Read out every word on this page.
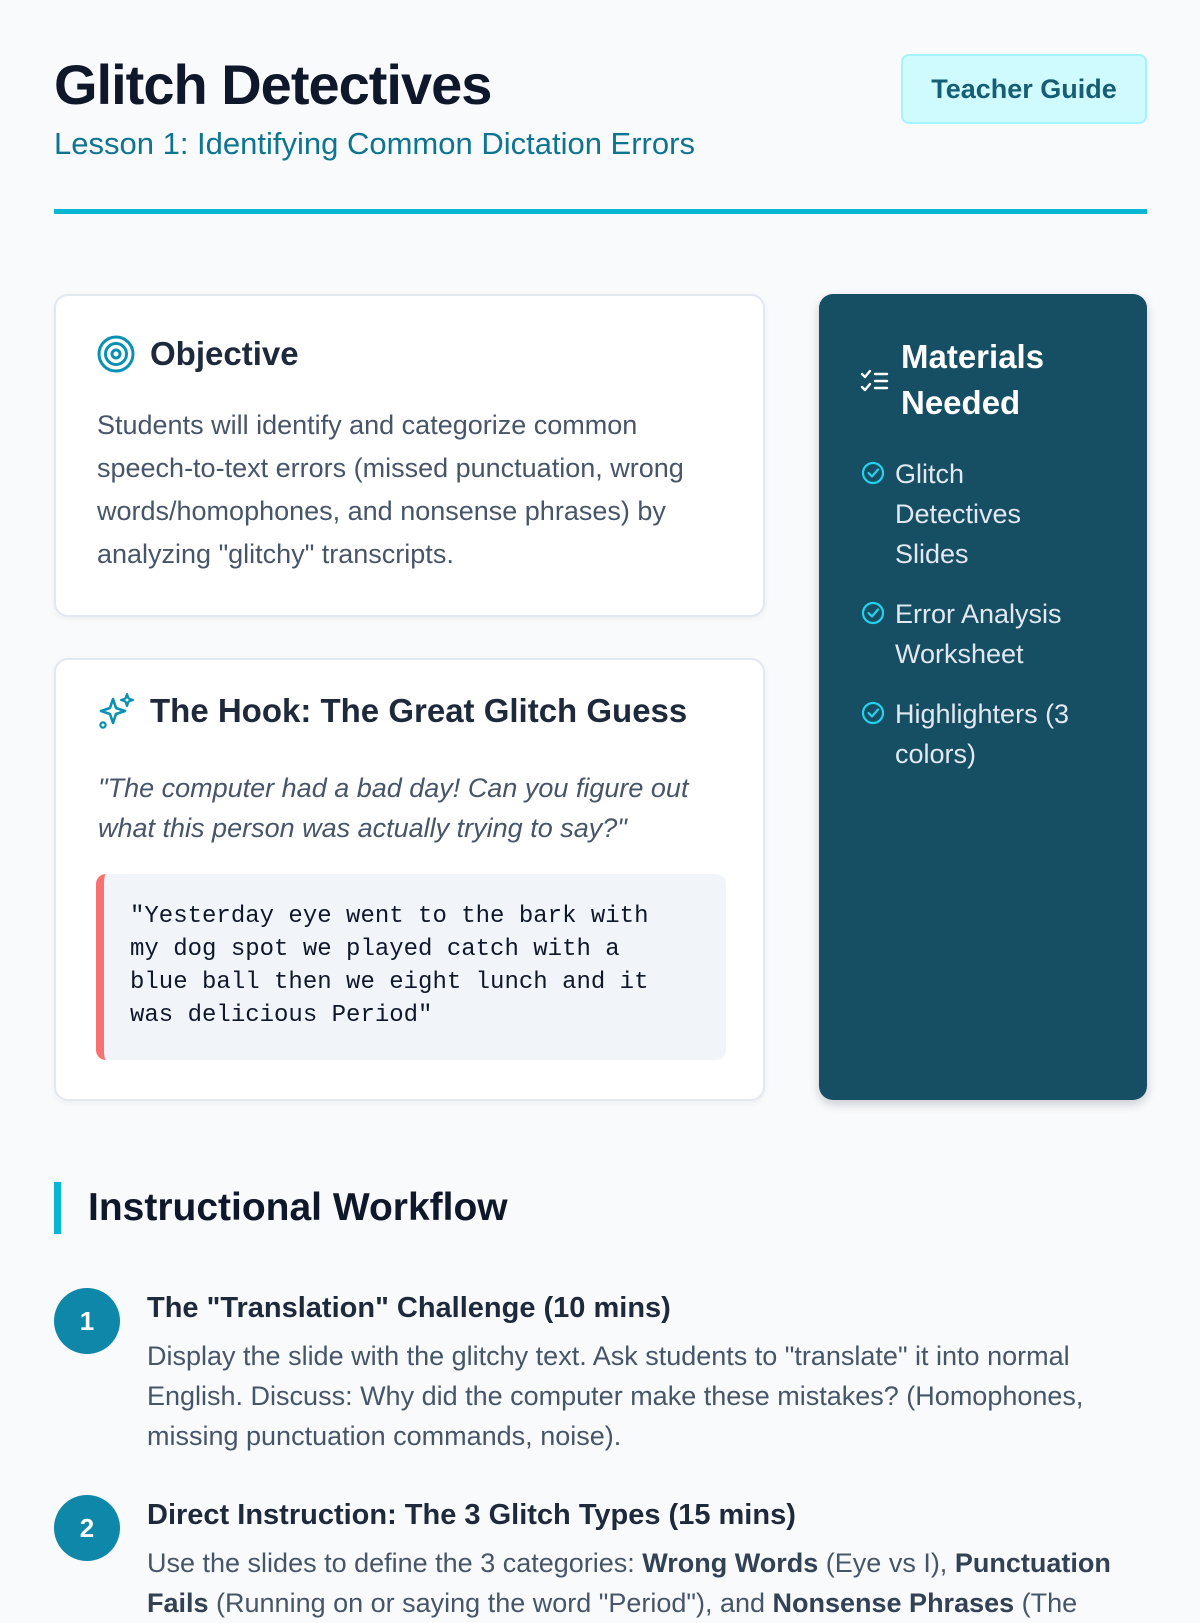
Glitch Detectives
Lesson 1: Identifying Common Dictation Errors
Teacher Guide
Objective
Students will identify and categorize common speech-to-text errors (missed punctuation, wrong words/homophones, and nonsense phrases) by analyzing "glitchy" transcripts.
The Hook: The Great Glitch Guess
"The computer had a bad day! Can you figure out what this person was actually trying to say?"
"Yesterday eye went to the bark with my dog spot we played catch with a blue ball then we eight lunch and it was delicious Period"
Materials Needed
Glitch Detectives Slides
Error Analysis Worksheet
Highlighters (3 colors)
Instructional Workflow
1	The "Translation" Challenge (10 mins)
Display the slide with the glitchy text. Ask students to "translate" it into normal English. Discuss: Why did the computer make these mistakes? (Homophones, missing punctuation commands, noise).
2	Direct Instruction: The 3 Glitch Types (15 mins)
Use the slides to define the 3 categories: Wrong Words (Eye vs I), Punctuation Fails (Running on or saying the word "Period"), and Nonsense Phrases (The
